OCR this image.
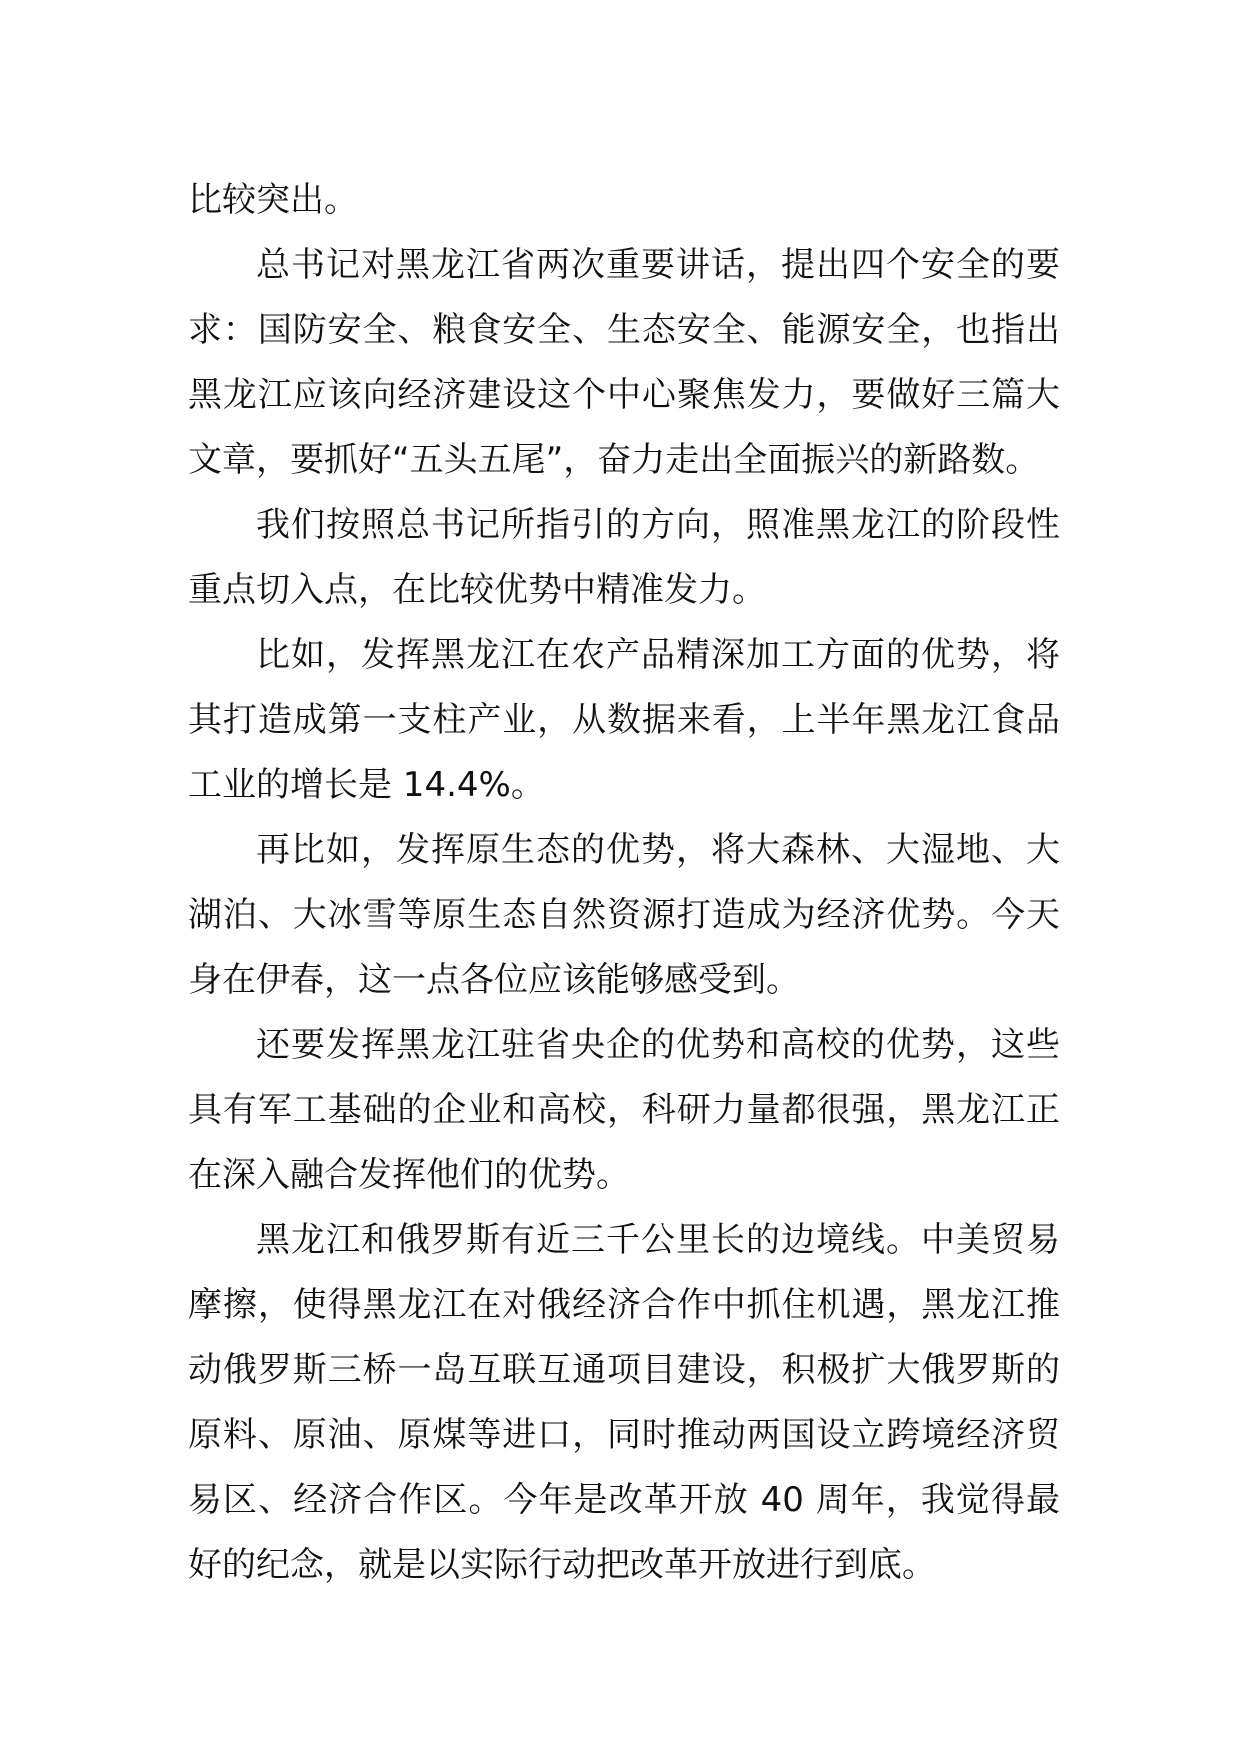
比较突出。

总书记对黑龙江省两次重要讲话，提出四个安全的要求：国防安全、粮食安全、生态安全、能源安全，也指出黑龙江应该向经济建设这个中心聚焦发力，要做好三篇大文章，要抓好“五头五尾”，奋力走出全面振兴的新路数。

我们按照总书记所指引的方向，照准黑龙江的阶段性重点切入点，在比较优势中精准发力。

比如，发挥黑龙江在农产品精深加工方面的优势，将其打造成第一支柱产业，从数据来看，上半年黑龙江食品工业的增长是 14.4%。

再比如，发挥原生态的优势，将大森林、大湿地、大湖泊、大冰雪等原生态自然资源打造成为经济优势。今天身在伊春，这一点各位应该能够感受到。

还要发挥黑龙江驻省央企的优势和高校的优势，这些具有军工基础的企业和高校，科研力量都很强，黑龙江正在深入融合发挥他们的优势。

黑龙江和俄罗斯有近三千公里长的边境线。中美贸易摩擦，使得黑龙江在对俄经济合作中抓住机遇，黑龙江推动俄罗斯三桥一岛互联互通项目建设，积极扩大俄罗斯的原料、原油、原煤等进口，同时推动两国设立跨境经济贸易区、经济合作区。今年是改革开放 40 周年，我觉得最好的纪念，就是以实际行动把改革开放进行到底。
